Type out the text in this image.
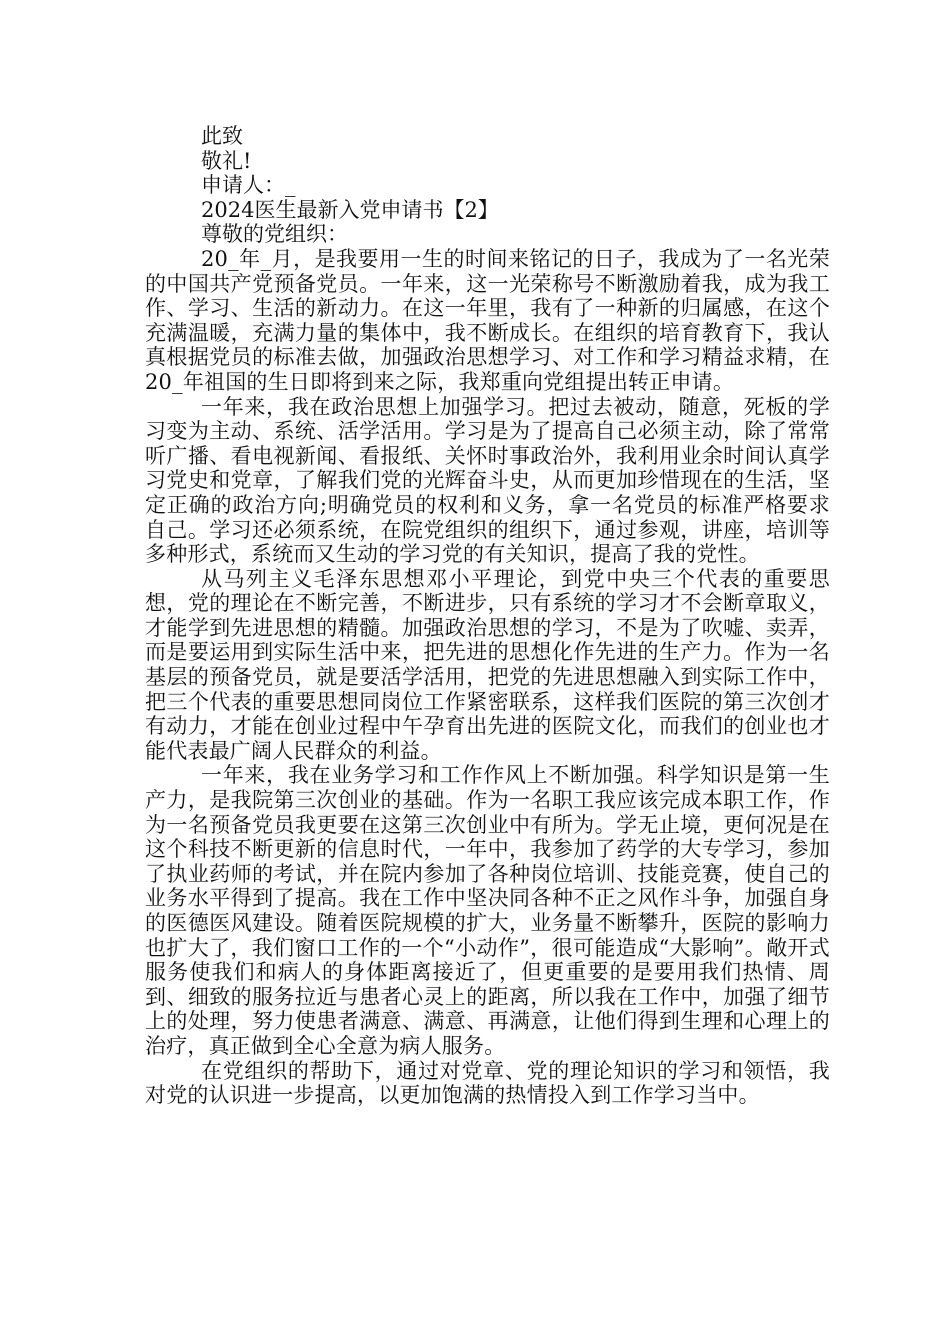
此致
敬礼!
申请人：_
2024医生最新入党申请书【2】
尊敬的党组织：

20_年_月，是我要用一生的时间来铭记的日子，我成为了一名光荣的中国共产党预备党员。一年来，这一光荣称号不断激励着我，成为我工作、学习、生活的新动力。在这一年里，我有了一种新的归属感，在这个充满温暖，充满力量的集体中，我不断成长。在组织的培育教育下，我认真根据党员的标准去做，加强政治思想学习、对工作和学习精益求精，在20_年祖国的生日即将到来之际，我郑重向党组提出转正申请。

一年来，我在政治思想上加强学习。把过去被动，随意，死板的学习变为主动、系统、活学活用。学习是为了提高自己必须主动，除了常常听广播、看电视新闻、看报纸、关怀时事政治外，我利用业余时间认真学习党史和党章，了解我们党的光辉奋斗史，从而更加珍惜现在的生活，坚定正确的政治方向;明确党员的权利和义务，拿一名党员的标准严格要求自己。学习还必须系统，在院党组织的组织下，通过参观，讲座，培训等多种形式，系统而又生动的学习党的有关知识，提高了我的党性。

从马列主义毛泽东思想邓小平理论，到党中央三个代表的重要思想，党的理论在不断完善，不断进步，只有系统的学习才不会断章取义，才能学到先进思想的精髓。加强政治思想的学习，不是为了吹嘘、卖弄，而是要运用到实际生活中来，把先进的思想化作先进的生产力。作为一名基层的预备党员，就是要活学活用，把党的先进思想融入到实际工作中，把三个代表的重要思想同岗位工作紧密联系，这样我们医院的第三次创才有动力，才能在创业过程中午孕育出先进的医院文化，而我们的创业也才能代表最广阔人民群众的利益。

一年来，我在业务学习和工作作风上不断加强。科学知识是第一生产力，是我院第三次创业的基础。作为一名职工我应该完成本职工作，作为一名预备党员我更要在这第三次创业中有所为。学无止境，更何况是在这个科技不断更新的信息时代，一年中，我参加了药学的大专学习，参加了执业药师的考试，并在院内参加了各种岗位培训、技能竞赛，使自己的业务水平得到了提高。我在工作中坚决同各种不正之风作斗争，加强自身的医德医风建设。随着医院规模的扩大，业务量不断攀升，医院的影响力也扩大了，我们窗口工作的一个“小动作”，很可能造成“大影响”。敞开式服务使我们和病人的身体距离接近了，但更重要的是要用我们热情、周到、细致的服务拉近与患者心灵上的距离，所以我在工作中，加强了细节上的处理，努力使患者满意、满意、再满意，让他们得到生理和心理上的治疗，真正做到全心全意为病人服务。

在党组织的帮助下，通过对党章、党的理论知识的学习和领悟，我对党的认识进一步提高，以更加饱满的热情投入到工作学习当中。
